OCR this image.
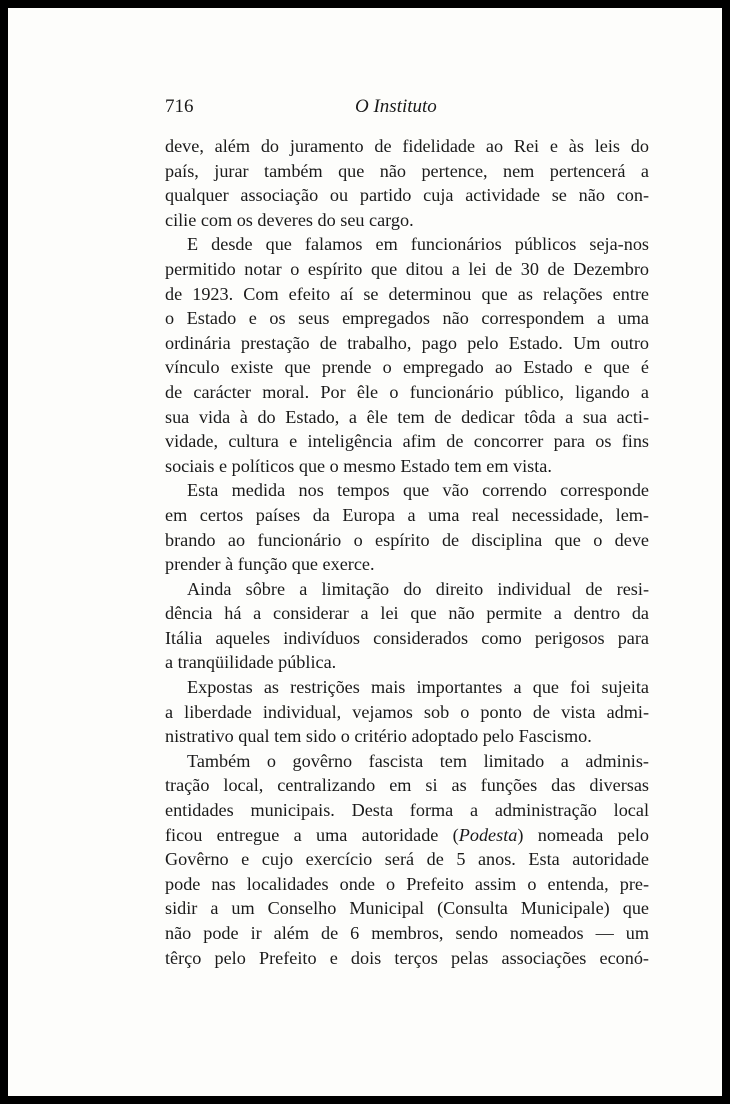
716	O Instituto
deve, além do juramento de fidelidade ao Rei e às leis do
país, jurar também que não pertence, nem pertencerá a
qualquer associação ou partido cuja actividade se não con-
cilie com os deveres do seu cargo.
E desde que falamos em funcionários públicos seja-nos
permitido notar o espírito que ditou a lei de 30 de Dezembro
de 1923. Com efeito aí se determinou que as relações entre
o Estado e os seus empregados não correspondem a uma
ordinária prestação de trabalho, pago pelo Estado. Um outro
vínculo existe que prende o empregado ao Estado e que é
de carácter moral. Por êle o funcionário público, ligando a
sua vida à do Estado, a êle tem de dedicar tôda a sua acti-
vidade, cultura e inteligência afim de concorrer para os fins
sociais e políticos que o mesmo Estado tem em vista.
Esta medida nos tempos que vão correndo corresponde
em certos países da Europa a uma real necessidade, lem-
brando ao funcionário o espírito de disciplina que o deve
prender à função que exerce.
Ainda sôbre a limitação do direito individual de resi-
dência há a considerar a lei que não permite a dentro da
Itália aqueles indivíduos considerados como perigosos para
a tranqüilidade pública.
Expostas as restrições mais importantes a que foi sujeita
a liberdade individual, vejamos sob o ponto de vista admi-
nistrativo qual tem sido o critério adoptado pelo Fascismo.
Também o govêrno fascista tem limitado a adminis-
tração local, centralizando em si as funções das diversas
entidades municipais. Desta forma a administração local
ficou entregue a uma autoridade (Podesta) nomeada pelo
Govêrno e cujo exercício será de 5 anos. Esta autoridade
pode nas localidades onde o Prefeito assim o entenda, pre-
sidir a um Conselho Municipal (Consulta Municipale) que
não pode ir além de 6 membros, sendo nomeados — um
têrço pelo Prefeito e dois terços pelas associações econó-
